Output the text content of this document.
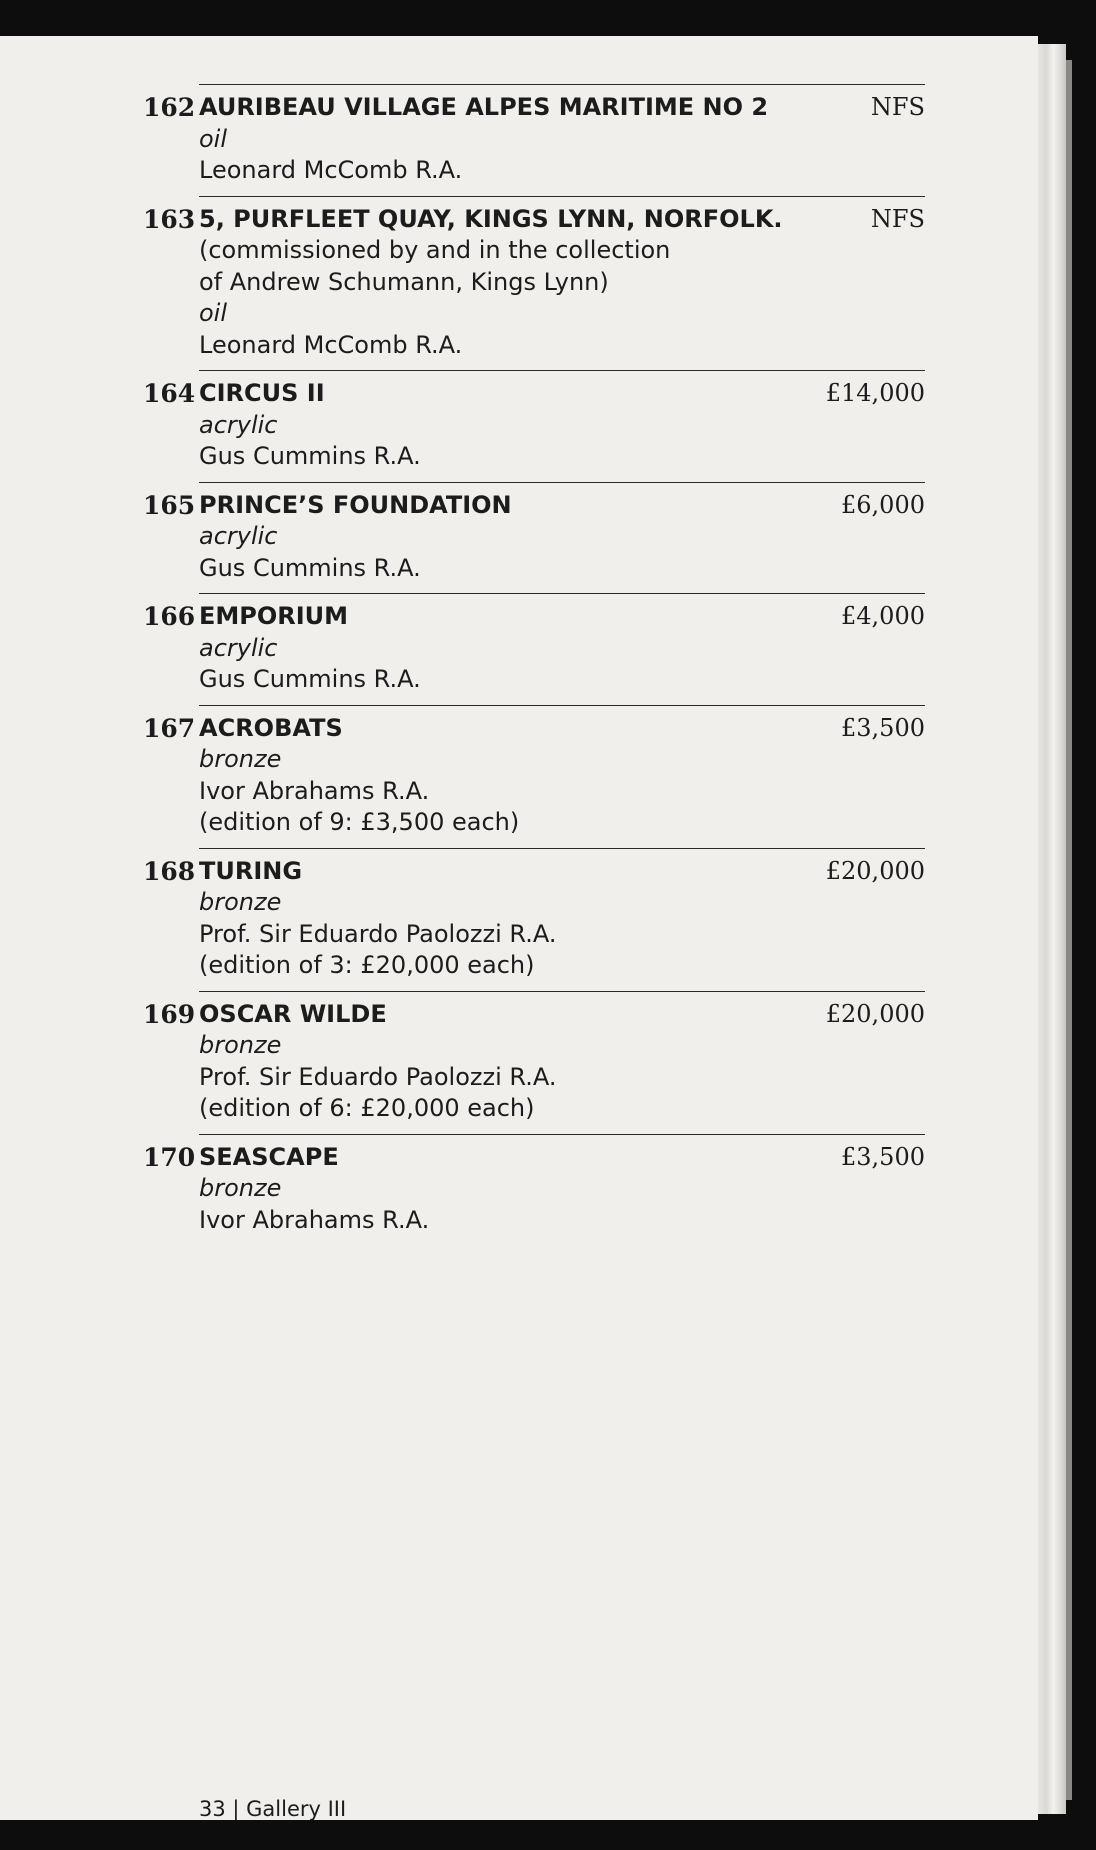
162 AURIBEAU VILLAGE ALPES MARITIME NO 2
oil
Leonard McComb R.A.
NFS
163 5, PURFLEET QUAY, KINGS LYNN, NORFOLK.
(commissioned by and in the collection
of Andrew Schumann, Kings Lynn)
oil
Leonard McComb R.A.
NFS
164 CIRCUS II
acrylic
Gus Cummins R.A.
£14,000
165 PRINCE’S FOUNDATION
acrylic
Gus Cummins R.A.
£6,000
166 EMPORIUM
acrylic
Gus Cummins R.A.
£4,000
167 ACROBATS
bronze
Ivor Abrahams R.A.
(edition of 9: £3,500 each)
£3,500
168 TURING
bronze
Prof. Sir Eduardo Paolozzi R.A.
(edition of 3: £20,000 each)
£20,000
169 OSCAR WILDE
bronze
Prof. Sir Eduardo Paolozzi R.A.
(edition of 6: £20,000 each)
£20,000
170 SEASCAPE
bronze
Ivor Abrahams R.A.
£3,500
33 | Gallery III
